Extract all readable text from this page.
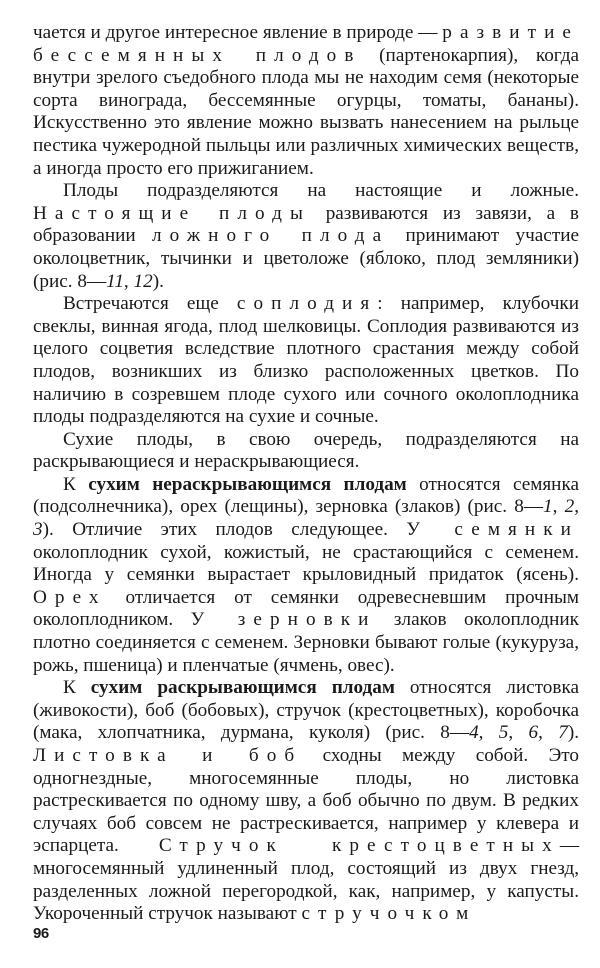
чается и другое интересное явление в природе — развитие бессемянных плодов (партенокарпия), когда внутри зрелого съедобного плода мы не находим семя (некоторые сорта винограда, бессемянные огурцы, томаты, бананы). Искусственно это явление можно вызвать нанесением на рыльце пестика чужеродной пыльцы или различных химических веществ, а иногда просто его прижиганием.

Плоды подразделяются на настоящие и ложные. Настоящие плоды развиваются из завязи, а в образовании ложного плода принимают участие околоцветник, тычинки и цветоложе (яблоко, плод земляники) (рис. 8—11, 12).

Встречаются еще соплодия: например, клубочки свеклы, винная ягода, плод шелковицы. Соплодия развиваются из целого соцветия вследствие плотного срастания между собой плодов, возникших из близко расположенных цветков. По наличию в созревшем плоде сухого или сочного околоплодника плоды подразделяются на сухие и сочные.

Сухие плоды, в свою очередь, подразделяются на раскрывающиеся и нераскрывающиеся.

К сухим нераскрывающимся плодам относятся семянка (подсолнечника), орех (лещины), зерновка (злаков) (рис. 8—1, 2, 3). Отличие этих плодов следующее. У семянки околоплодник сухой, кожистый, не срастающийся с семенем. Иногда у семянки вырастает крыловидный придаток (ясень). Орех отличается от семянки одревесневшим прочным околоплодником. У зерновки злаков околоплодник плотно соединяется с семенем. Зерновки бывают голые (кукуруза, рожь, пшеница) и пленчатые (ячмень, овес).

К сухим раскрывающимся плодам относятся листовка (живокости), боб (бобовых), стручок (крестоцветных), коробочка (мака, хлопчатника, дурмана, куколя) (рис. 8—4, 5, 6, 7). Листовка и боб сходны между собой. Это одногнездные, многосемянные плоды, но листовка растрескивается по одному шву, а боб обычно по двум. В редких случаях боб совсем не растрескивается, например у клевера и эспарцета. Стручок крестоцветных— многосемянный удлиненный плод, состоящий из двух гнезд, разделенных ложной перегородкой, как, например, у капусты. Укороченный стручок называют стручочком

96
